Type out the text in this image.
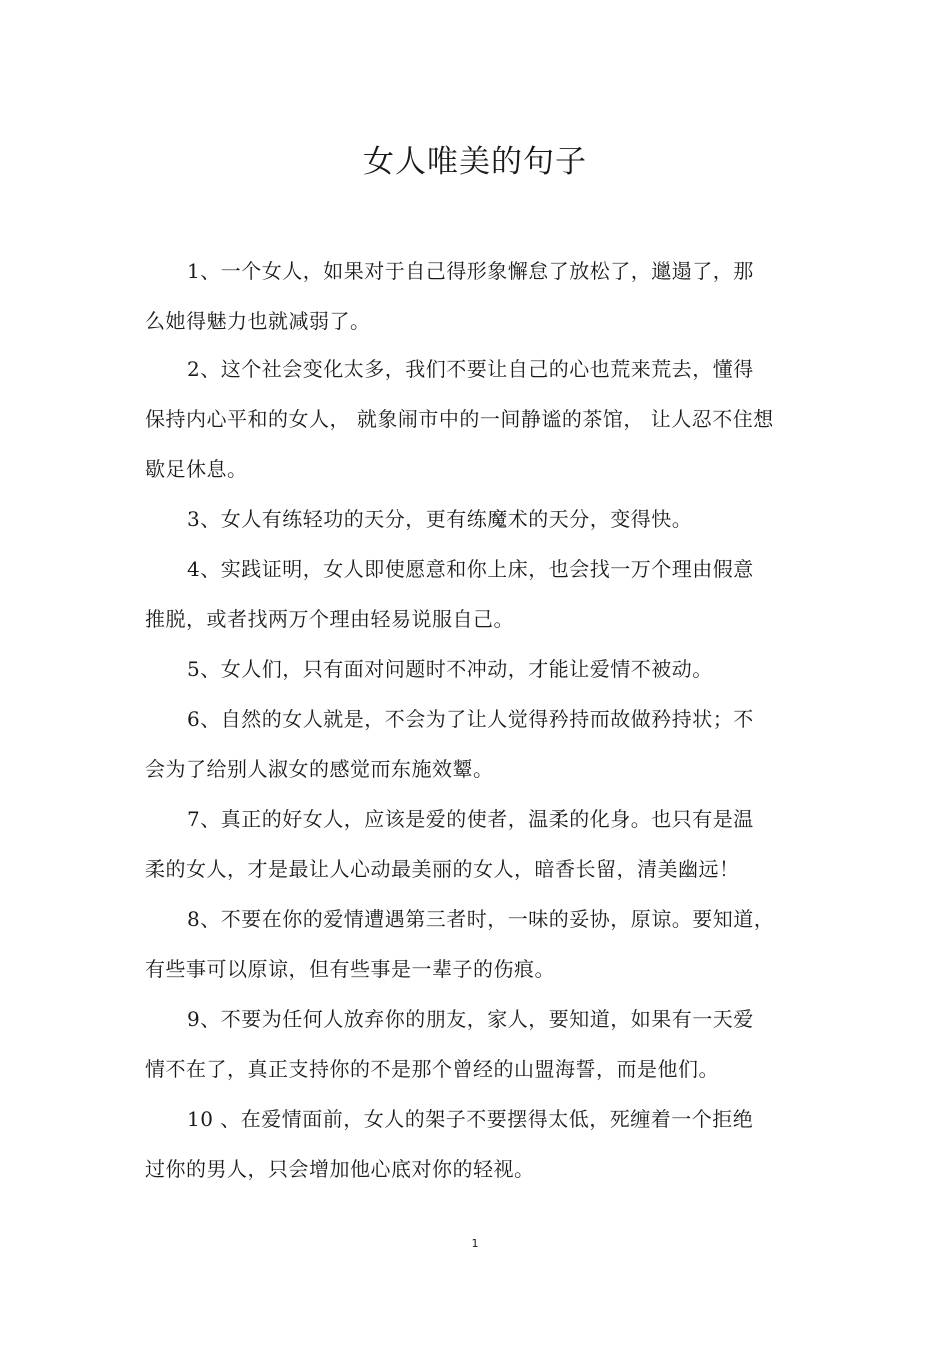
女人唯美的句子
1、一个女人，如果对于自己得形象懈怠了放松了，邋遢了，那
么她得魅力也就减弱了。
2、这个社会变化太多，我们不要让自己的心也荒来荒去，懂得
保持内心平和的女人， 就象闹市中的一间静谧的茶馆， 让人忍不住想
歇足休息。
3、女人有练轻功的天分，更有练魔术的天分，变得快。
4、实践证明，女人即使愿意和你上床，也会找一万个理由假意
推脱，或者找两万个理由轻易说服自己。
5、女人们，只有面对问题时不冲动，才能让爱情不被动。
6、自然的女人就是，不会为了让人觉得矜持而故做矜持状；不
会为了给别人淑女的感觉而东施效颦。
7、真正的好女人，应该是爱的使者，温柔的化身。也只有是温
柔的女人，才是最让人心动最美丽的女人，暗香长留，清美幽远！
8、不要在你的爱情遭遇第三者时，一味的妥协，原谅。要知道，
有些事可以原谅，但有些事是一辈子的伤痕。
9、不要为任何人放弃你的朋友，家人，要知道，如果有一天爱
情不在了，真正支持你的不是那个曾经的山盟海誓，而是他们。
10 、在爱情面前，女人的架子不要摆得太低，死缠着一个拒绝
过你的男人，只会增加他心底对你的轻视。
1
